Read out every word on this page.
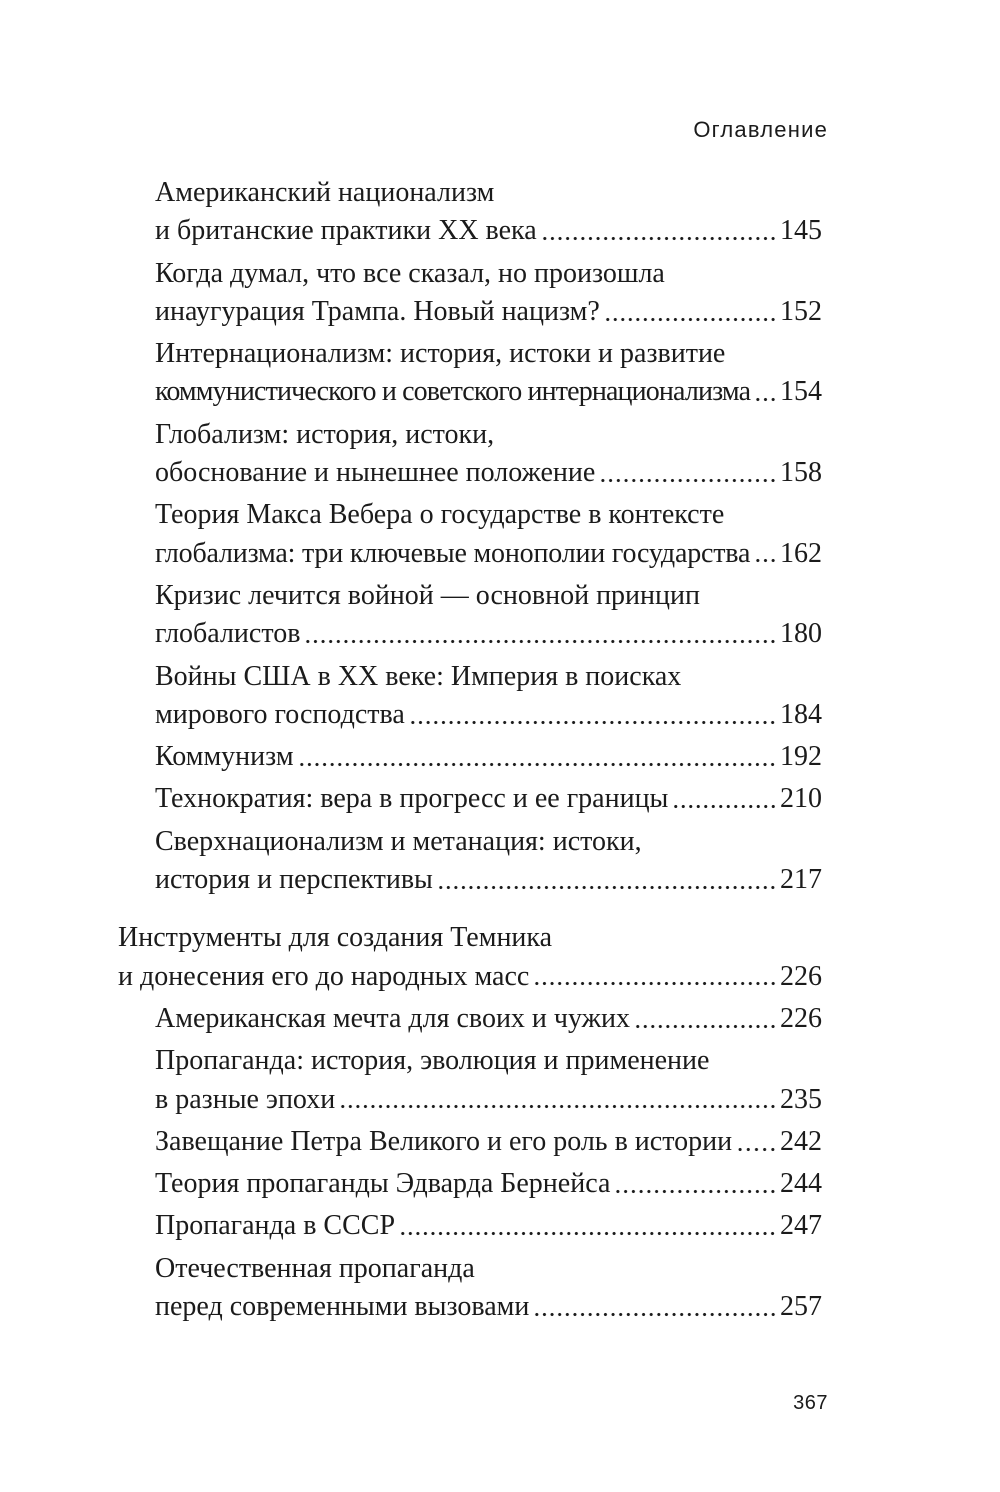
Оглавление
Американский национализм
и британские практики XX века	145
Когда думал, что все сказал, но произошла
инаугурация Трампа. Новый нацизм?	152
Интернационализм: история, истоки и развитие
коммунистического и советского интернационализма 154
Глобализм: история, истоки,
обоснование и нынешнее положение	158
Теория Макса Вебера о государстве в контексте
глобализма: три ключевые монополии государства 162
Кризис лечится войной — основной принцип
глобалистов	180
Войны США в XX веке: Империя в поисках
мирового господства	184
Коммунизм	192
Технократия: вера в прогресс и ее границы	210
Сверхнационализм и метанация: истоки,
история и перспективы	217
Инструменты для создания Темника
и донесения его до народных масс	226
Американская мечта для своих и чужих	226
Пропаганда: история, эволюция и применение
в разные эпохи	235
Завещание Петра Великого и его роль в истории 242
Теория пропаганды Эдварда Бернейса	244
Пропаганда в СССР	247
Отечественная пропаганда
перед современными вызовами	257
367
